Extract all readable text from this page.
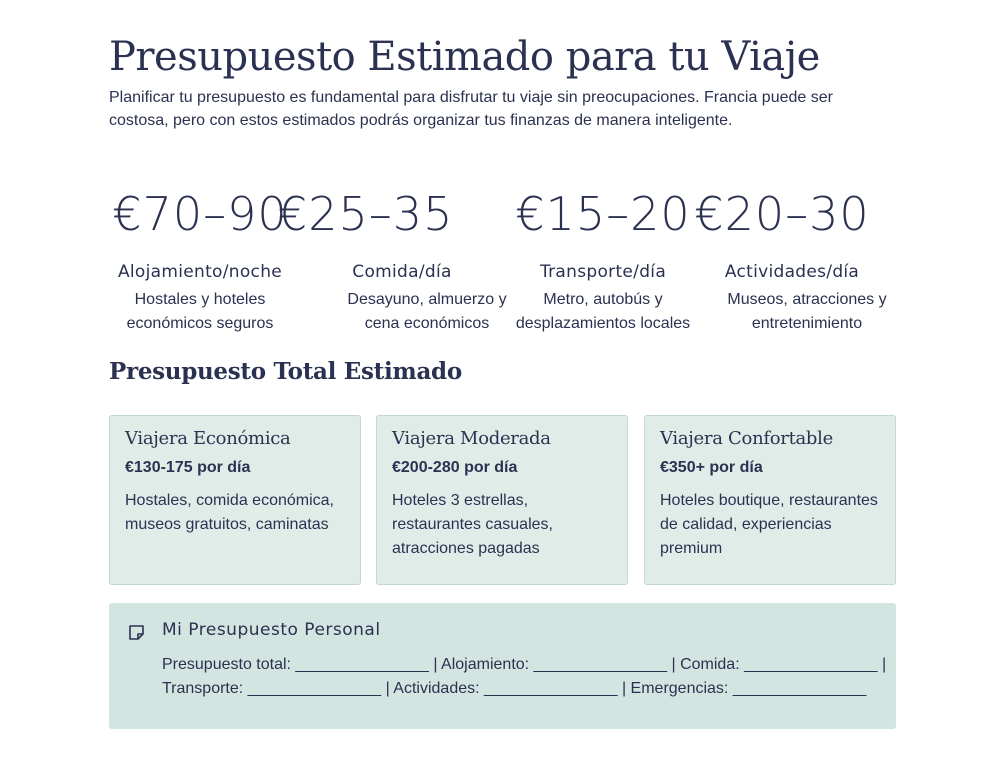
Presupuesto Estimado para tu Viaje

Planificar tu presupuesto es fundamental para disfrutar tu viaje sin preocupaciones. Francia puede ser costosa, pero con estos estimados podrás organizar tus finanzas de manera inteligente.

€70–90
Alojamiento/noche
Hostales y hoteles económicos seguros
€25–35
Comida/día
Desayuno, almuerzo y cena económicos
€15–20
Transporte/día
Metro, autobús y desplazamientos locales
€20–30
Actividades/día
Museos, atracciones y entretenimiento
Presupuesto Total Estimado
Viajera Económica
€130-175 por día
Hostales, comida económica, museos gratuitos, caminatas
Viajera Moderada
€200-280 por día
Hoteles 3 estrellas, restaurantes casuales, atracciones pagadas
Viajera Confortable
€350+ por día
Hoteles boutique, restaurantes de calidad, experiencias premium
Mi Presupuesto Personal
Presupuesto total: _______________ | Alojamiento: _______________ | Comida: _______________ | Transporte: _______________ | Actividades: _______________ | Emergencias: _______________
